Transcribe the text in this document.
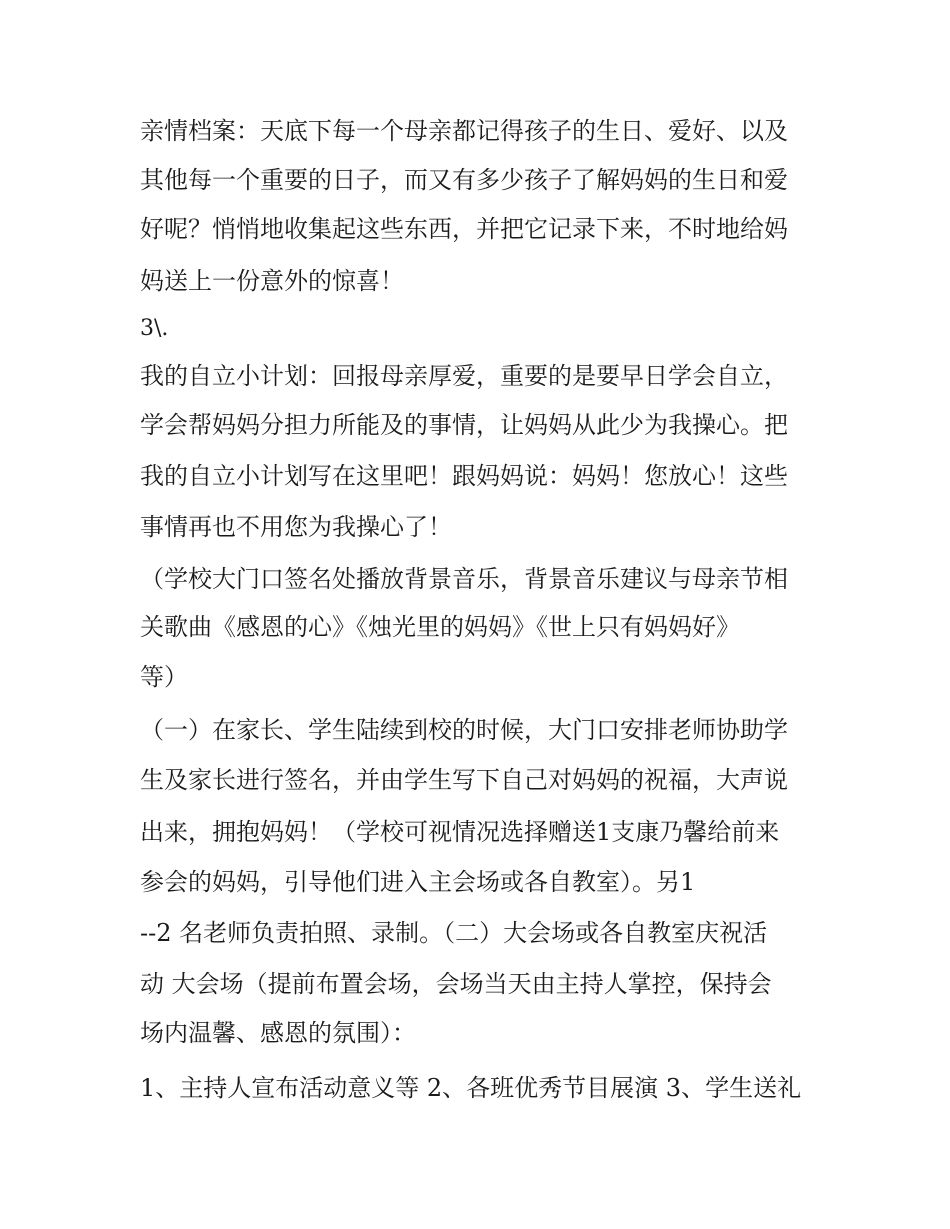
亲情档案：天底下每一个母亲都记得孩子的生日、爱好、以及

其他每一个重要的日子，而又有多少孩子了解妈妈的生日和爱

好呢？悄悄地收集起这些东西，并把它记录下来，不时地给妈

妈送上一份意外的惊喜！

3\.

我的自立小计划：回报母亲厚爱，重要的是要早日学会自立，

学会帮妈妈分担力所能及的事情，让妈妈从此少为我操心。把

我的自立小计划写在这里吧！跟妈妈说：妈妈！您放心！这些

事情再也不用您为我操心了！

（学校大门口签名处播放背景音乐，背景音乐建议与母亲节相

关歌曲《感恩的心》《烛光里的妈妈》《世上只有妈妈好》

等）

（一）在家长、学生陆续到校的时候，大门口安排老师协助学

生及家长进行签名，并由学生写下自己对妈妈的祝福，大声说

出来，拥抱妈妈！（学校可视情况选择赠送1支康乃馨给前来

参会的妈妈，引导他们进入主会场或各自教室）。另1

--2 名老师负责拍照、录制。（二）大会场或各自教室庆祝活

动 大会场（提前布置会场，会场当天由主持人掌控，保持会

场内温馨、感恩的氛围）：

1、主持人宣布活动意义等 2、各班优秀节目展演 3、学生送礼
